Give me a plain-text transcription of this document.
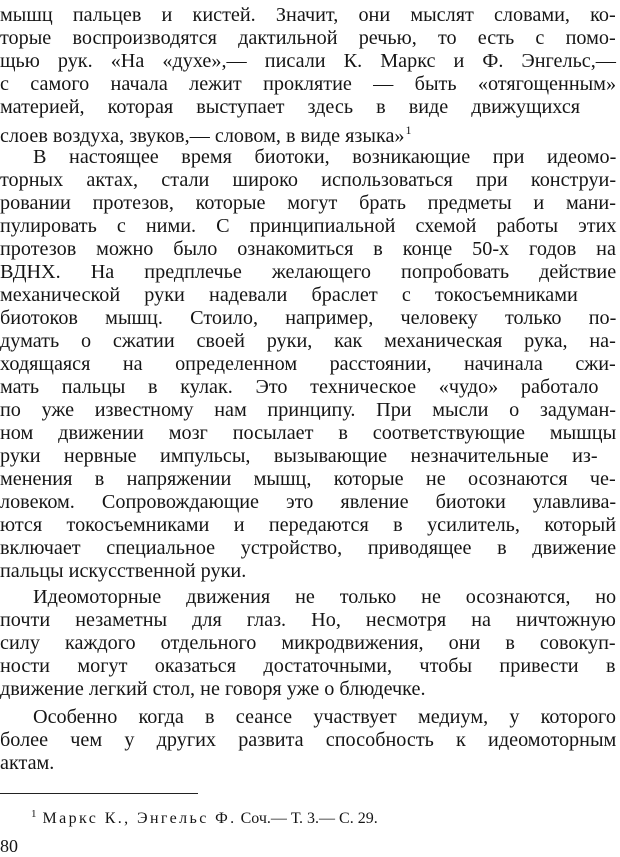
мышц пальцев и кистей. Значит, они мыслят словами, ко-
торые воспроизводятся дактильной речью, то есть с помо-
щью рук. «На «духе»,— писали К. Маркс и Ф. Энгельс,—
с самого начала лежит проклятие — быть «отягощенным»
материей, которая выступает здесь в виде движущихся
слоев воздуха, звуков,— словом, в виде языка»$^1$
В настоящее время биотоки, возникающие при идеомо-
торных актах, стали широко использоваться при конструи-
ровании протезов, которые могут брать предметы и мани-
пулировать с ними. С принципиальной схемой работы этих
протезов можно было ознакомиться в конце 50-х годов на
ВДНХ. На предплечье желающего попробовать действие
механической руки надевали браслет с токосъемниками
биотоков мышц. Стоило, например, человеку только по-
думать о сжатии своей руки, как механическая рука, на-
ходящаяся на определенном расстоянии, начинала сжи-
мать пальцы в кулак. Это техническое «чудо» работало
по уже известному нам принципу. При мысли о задуман-
ном движении мозг посылает в соответствующие мышцы
руки нервные импульсы, вызывающие незначительные из-
менения в напряжении мышц, которые не осознаются че-
ловеком. Сопровождающие это явление биотоки улавлива-
ются токосъемниками и передаются в усилитель, который
включает специальное устройство, приводящее в движение
пальцы искусственной руки.
Идеомоторные движения не только не осознаются, но
почти незаметны для глаз. Но, несмотря на ничтожную
силу каждого отдельного микродвижения, они в совокуп-
ности могут оказаться достаточными, чтобы привести в
движение легкий стол, не говоря уже о блюдечке.
Особенно когда в сеансе участвует медиум, у которого
более чем у других развита способность к идеомоторным
актам.
$^1$ Маркс К., Энгельс Ф. Соч.— Т. 3.— С. 29.
80
